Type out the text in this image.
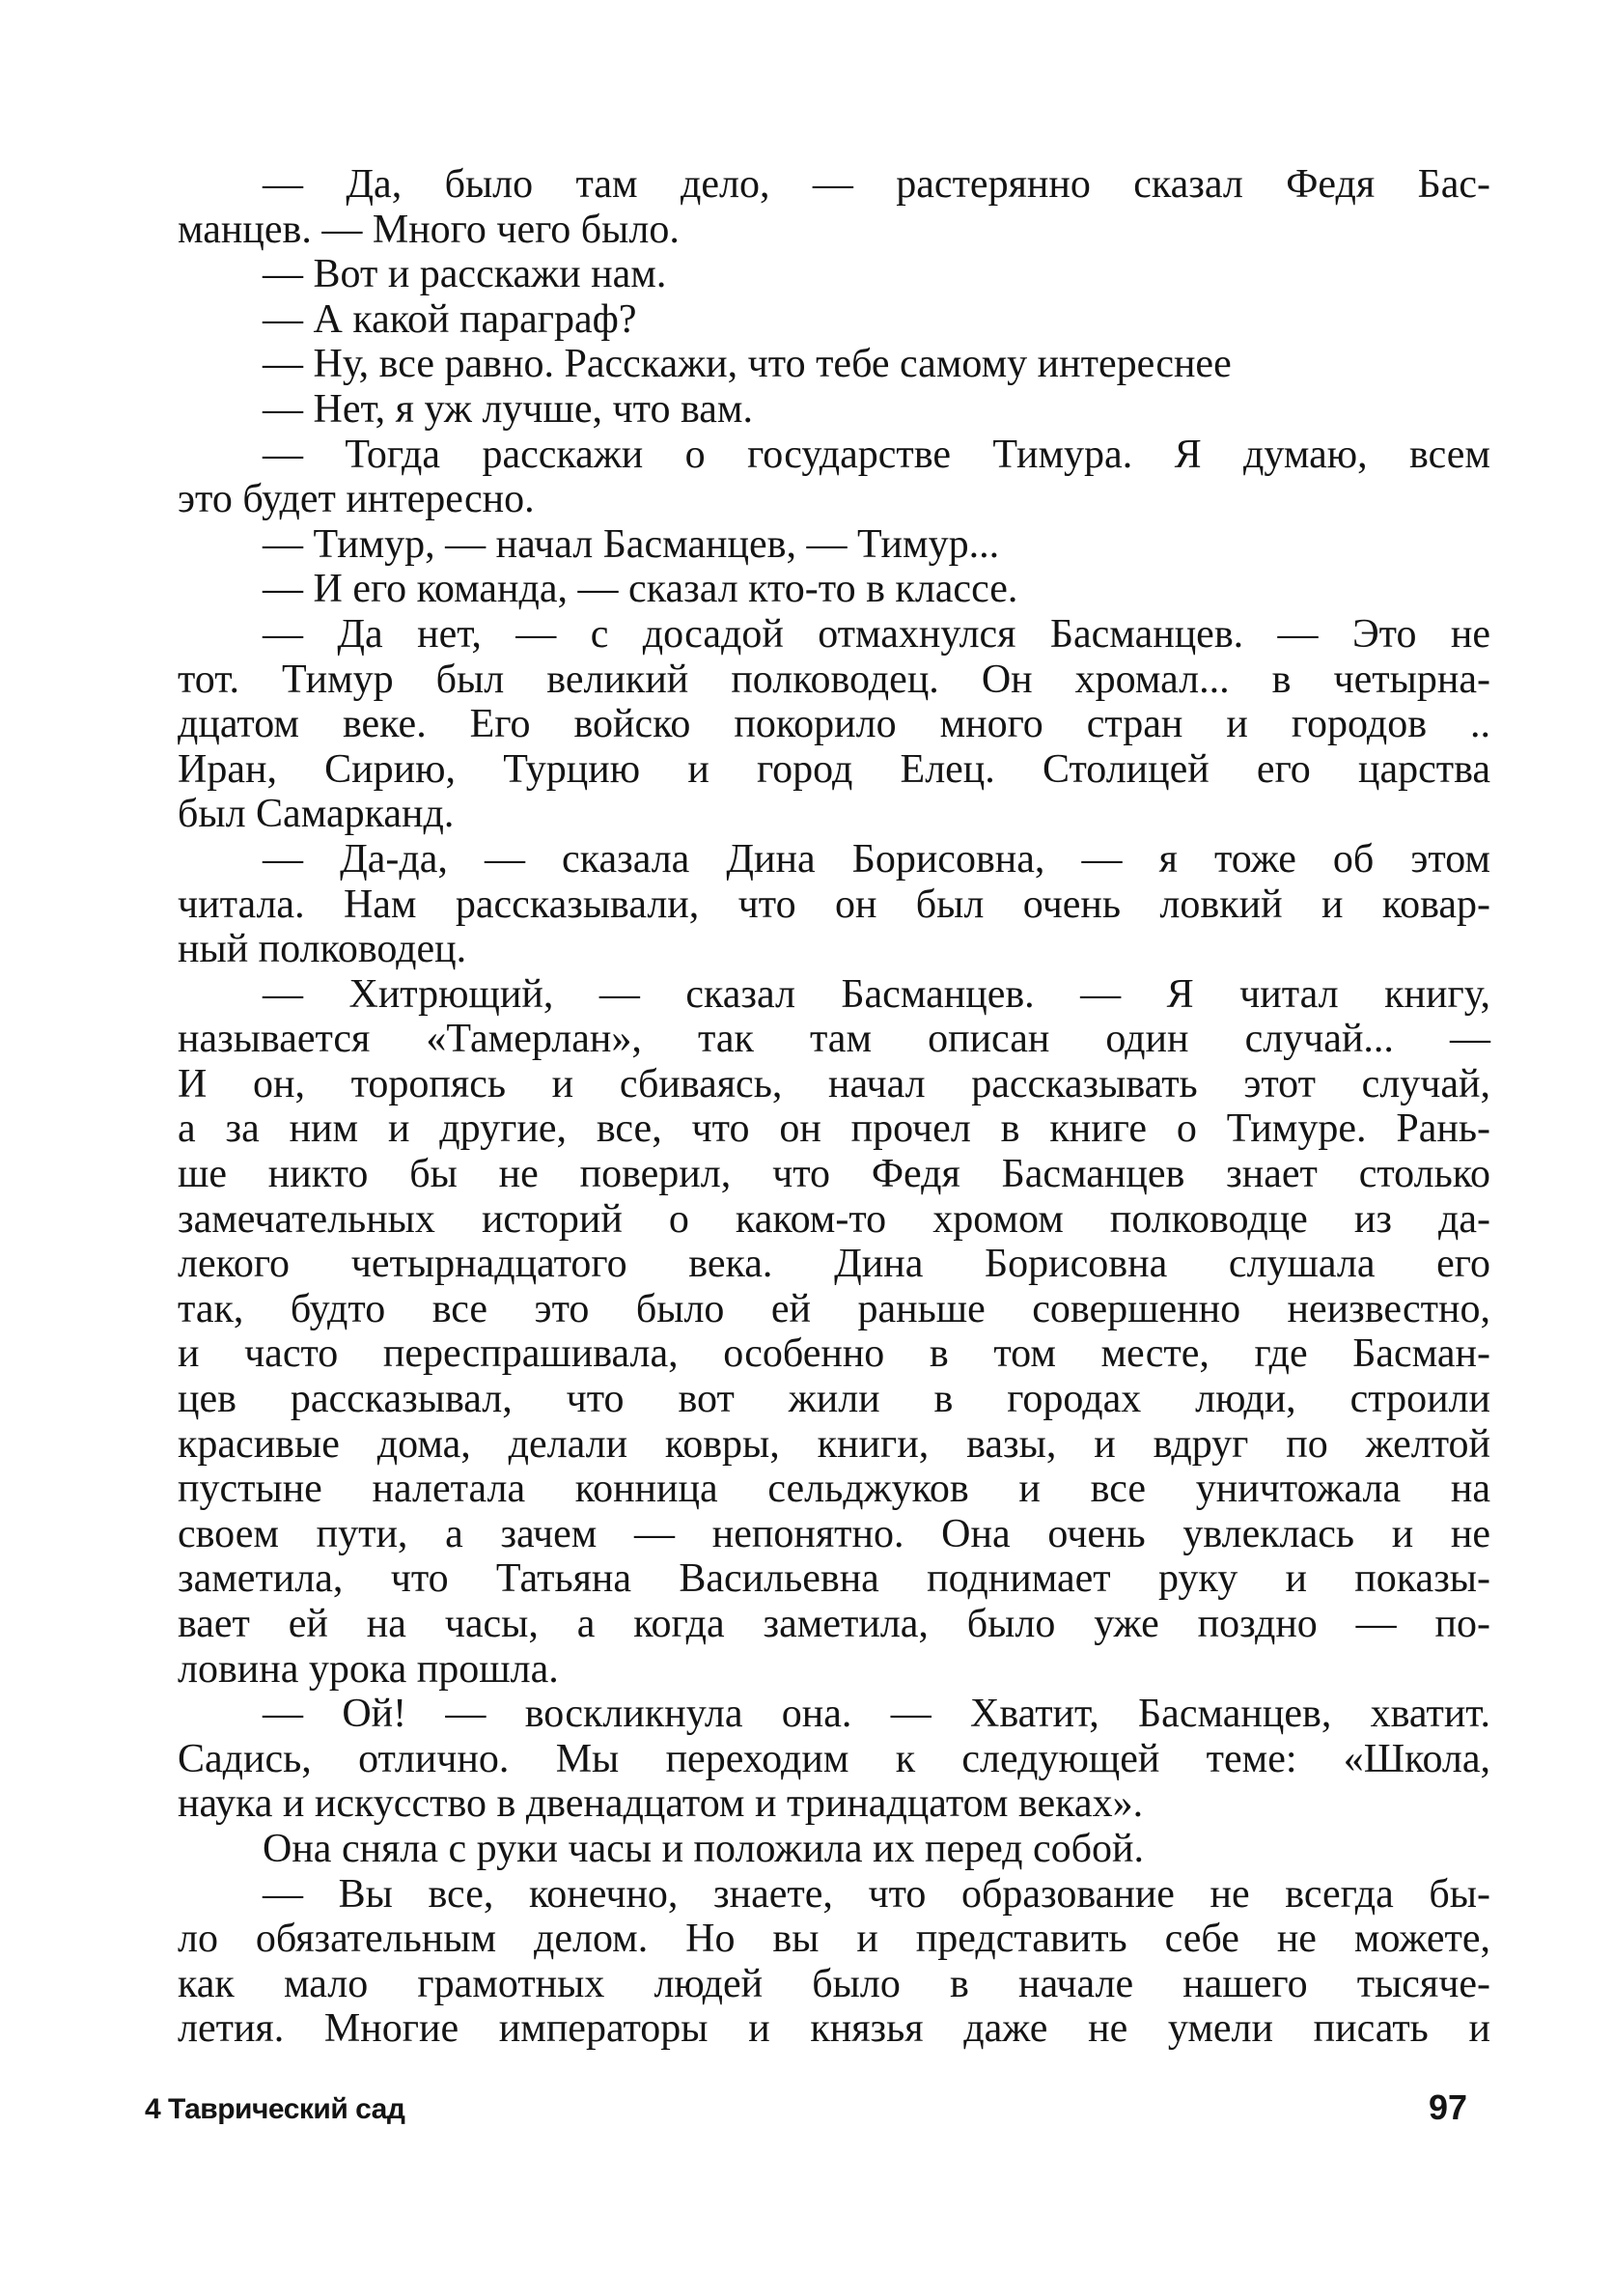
— Да, было там дело, — растерянно сказал Федя Бас-
манцев. — Много чего было.
— Вот и расскажи нам.
— А какой параграф?
— Ну, все равно. Расскажи, что тебе самому интереснее
— Нет, я уж лучше, что вам.
— Тогда расскажи о государстве Тимура. Я думаю, всем
это будет интересно.
— Тимур, — начал Басманцев, — Тимур...
— И его команда, — сказал кто-то в классе.
— Да нет, — с досадой отмахнулся Басманцев. — Это не
тот. Тимур был великий полководец. Он хромал... в четырна-
дцатом веке. Его войско покорило много стран и городов ..
Иран, Сирию, Турцию и город Елец. Столицей его царства
был Самарканд.
— Да-да, — сказала Дина Борисовна, — я тоже об этом
читала. Нам рассказывали, что он был очень ловкий и ковар-
ный полководец.
— Хитрющий, — сказал Басманцев. — Я читал книгу,
называется «Тамерлан», так там описан один случай... —
И он, торопясь и сбиваясь, начал рассказывать этот случай,
а за ним и другие, все, что он прочел в книге о Тимуре. Рань-
ше никто бы не поверил, что Федя Басманцев знает столько
замечательных историй о каком-то хромом полководце из да-
лекого четырнадцатого века. Дина Борисовна слушала его
так, будто все это было ей раньше совершенно неизвестно,
и часто переспрашивала, особенно в том месте, где Басман-
цев рассказывал, что вот жили в городах люди, строили
красивые дома, делали ковры, книги, вазы, и вдруг по желтой
пустыне налетала конница сельджуков и все уничтожала на
своем пути, а зачем — непонятно. Она очень увлеклась и не
заметила, что Татьяна Васильевна поднимает руку и показы-
вает ей на часы, а когда заметила, было уже поздно — по-
ловина урока прошла.
— Ой! — воскликнула она. — Хватит, Басманцев, хватит.
Садись, отлично. Мы переходим к следующей теме: «Школа,
наука и искусство в двенадцатом и тринадцатом веках».
Она сняла с руки часы и положила их перед собой.
— Вы все, конечно, знаете, что образование не всегда бы-
ло обязательным делом. Но вы и представить себе не можете,
как мало грамотных людей было в начале нашего тысяче-
летия. Многие императоры и князья даже не умели писать и
4 Таврический сад	97
